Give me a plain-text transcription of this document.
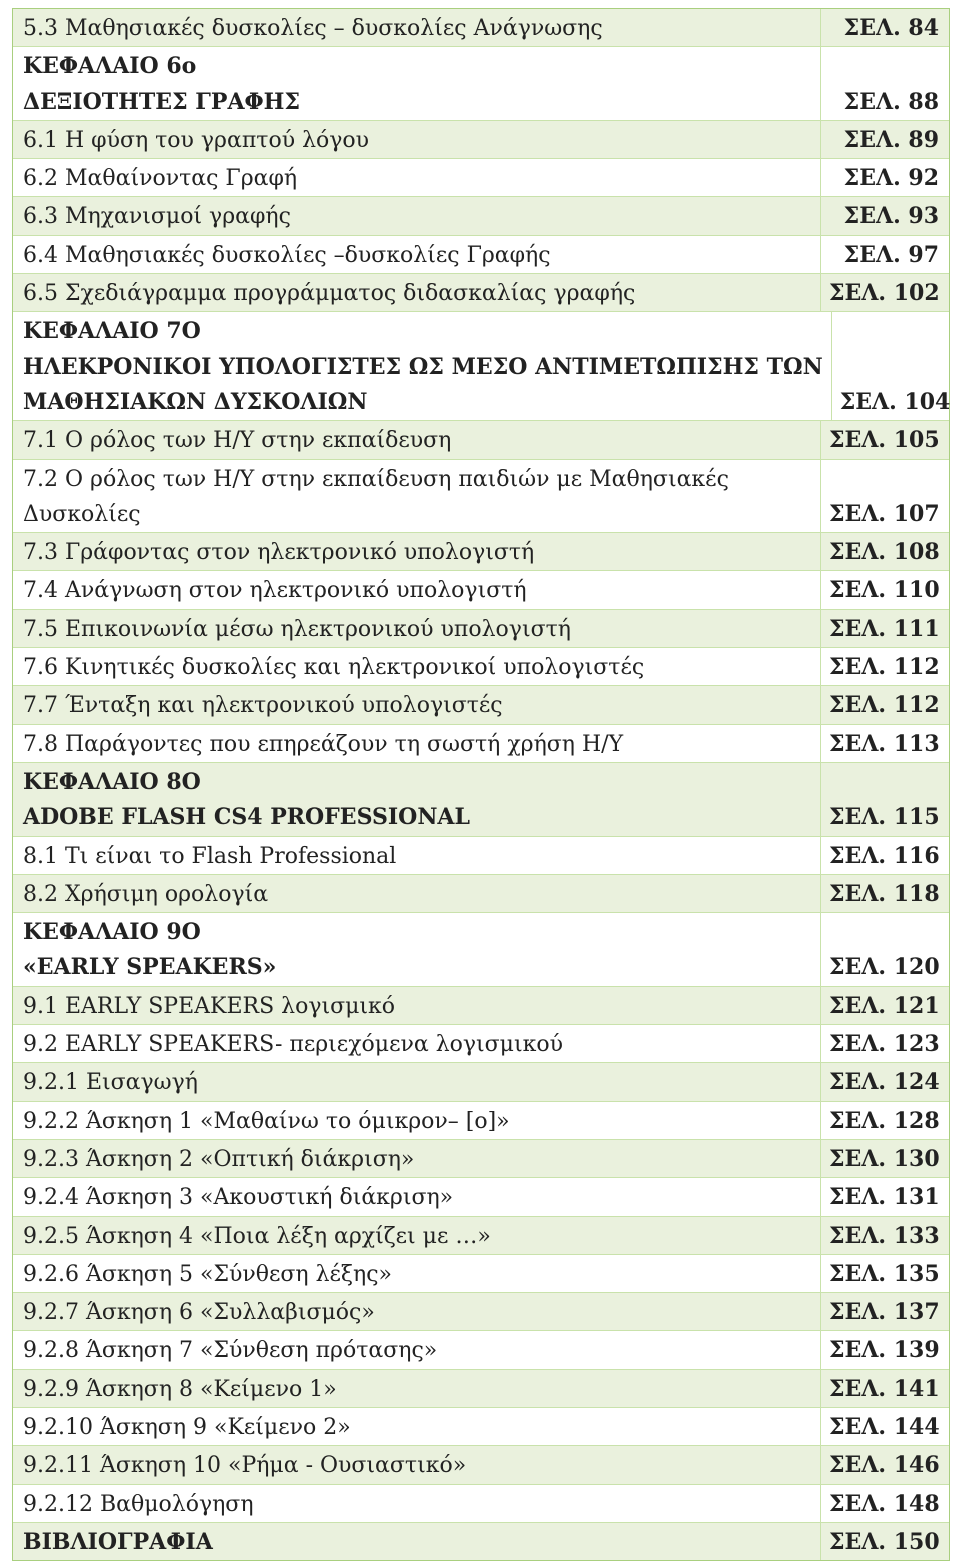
5.3 Μαθησιακές δυσκολίες – δυσκολίες Ανάγνωσης	ΣΕΛ. 84
ΚΕΦΑΛΑΙΟ 6ο
ΔΕΞΙΟΤΗΤΕΣ ΓΡΑΦΗΣ	ΣΕΛ. 88
6.1 Η φύση του γραπτού λόγου	ΣΕΛ. 89
6.2 Μαθαίνοντας Γραφή	ΣΕΛ. 92
6.3 Μηχανισμοί γραφής	ΣΕΛ. 93
6.4 Μαθησιακές δυσκολίες –δυσκολίες Γραφής	ΣΕΛ. 97
6.5 Σχεδιάγραμμα προγράμματος διδασκαλίας γραφής	ΣΕΛ. 102
ΚΕΦΑΛΑΙΟ 7Ο
ΗΛΕΚΡΟΝΙΚΟΙ ΥΠΟΛΟΓΙΣΤΕΣ ΩΣ ΜΕΣΟ ΑΝΤΙΜΕΤΩΠΙΣΗΣ ΤΩΝ
ΜΑΘΗΣΙΑΚΩΝ ΔΥΣΚΟΛΙΩΝ	ΣΕΛ. 104
7.1 Ο ρόλος των Η/Υ στην εκπαίδευση	ΣΕΛ. 105
7.2 Ο ρόλος των Η/Υ στην εκπαίδευση παιδιών με Μαθησιακές
Δυσκολίες	ΣΕΛ. 107
7.3 Γράφοντας στον ηλεκτρονικό υπολογιστή	ΣΕΛ. 108
7.4 Ανάγνωση στον ηλεκτρονικό υπολογιστή	ΣΕΛ. 110
7.5 Επικοινωνία μέσω ηλεκτρονικού υπολογιστή	ΣΕΛ. 111
7.6 Κινητικές δυσκολίες και ηλεκτρονικοί υπολογιστές	ΣΕΛ. 112
7.7 Ένταξη και ηλεκτρονικού υπολογιστές	ΣΕΛ. 112
7.8 Παράγοντες που επηρεάζουν τη σωστή χρήση Η/Υ	ΣΕΛ. 113
ΚΕΦΑΛΑΙΟ 8Ο
ADOBE FLASH CS4 PROFESSIONAL	ΣΕΛ. 115
8.1 Τι είναι το Flash Professional	ΣΕΛ. 116
8.2 Χρήσιμη ορολογία	ΣΕΛ. 118
ΚΕΦΑΛΑΙΟ 9Ο
«EARLY SPEAKERS»	ΣΕΛ. 120
9.1 EARLY SPEAKERS λογισμικό	ΣΕΛ. 121
9.2 EARLY SPEAKERS- περιεχόμενα λογισμικού	ΣΕΛ. 123
9.2.1 Εισαγωγή	ΣΕΛ. 124
9.2.2 Άσκηση 1 «Μαθαίνω το όμικρον– [ο]»	ΣΕΛ. 128
9.2.3 Άσκηση 2 «Οπτική διάκριση»	ΣΕΛ. 130
9.2.4 Άσκηση 3 «Ακουστική διάκριση»	ΣΕΛ. 131
9.2.5 Άσκηση 4 «Ποια λέξη αρχίζει με …»	ΣΕΛ. 133
9.2.6 Άσκηση 5 «Σύνθεση λέξης»	ΣΕΛ. 135
9.2.7 Άσκηση 6 «Συλλαβισμός»	ΣΕΛ. 137
9.2.8 Άσκηση 7 «Σύνθεση πρότασης»	ΣΕΛ. 139
9.2.9 Άσκηση 8 «Κείμενο 1»	ΣΕΛ. 141
9.2.10 Άσκηση 9 «Κείμενο 2»	ΣΕΛ. 144
9.2.11 Άσκηση 10 «Ρήμα - Ουσιαστικό»	ΣΕΛ. 146
9.2.12 Βαθμολόγηση	ΣΕΛ. 148
ΒΙΒΛΙΟΓΡΑΦΙΑ	ΣΕΛ. 150
